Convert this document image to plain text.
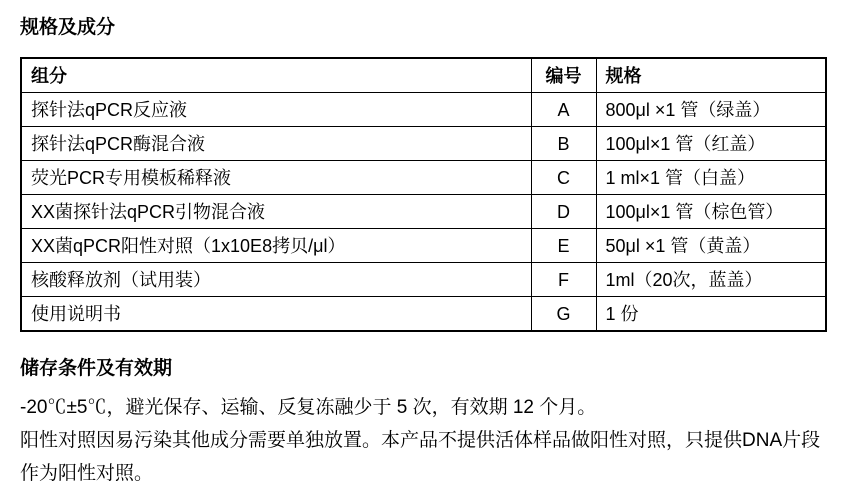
规格及成分
组分	编号	规格
探针法qPCR反应液	A	800μl ×1 管（绿盖）
探针法qPCR酶混合液	B	100μl×1 管（红盖）
荧光PCR专用模板稀释液	C	1 ml×1 管（白盖）
XX菌探针法qPCR引物混合液	D	100μl×1 管（棕色管）
XX菌qPCR阳性对照（1x10E8拷贝/μl）	E	50μl ×1 管（黄盖）
核酸释放剂（试用装）	F	1ml（20次，蓝盖）
使用说明书	G	1 份
储存条件及有效期

-20℃±5℃，避光保存、运输、反复冻融少于 5 次，有效期 12 个月。

阳性对照因易污染其他成分需要单独放置。本产品不提供活体样品做阳性对照，只提供DNA片段作为阳性对照。
